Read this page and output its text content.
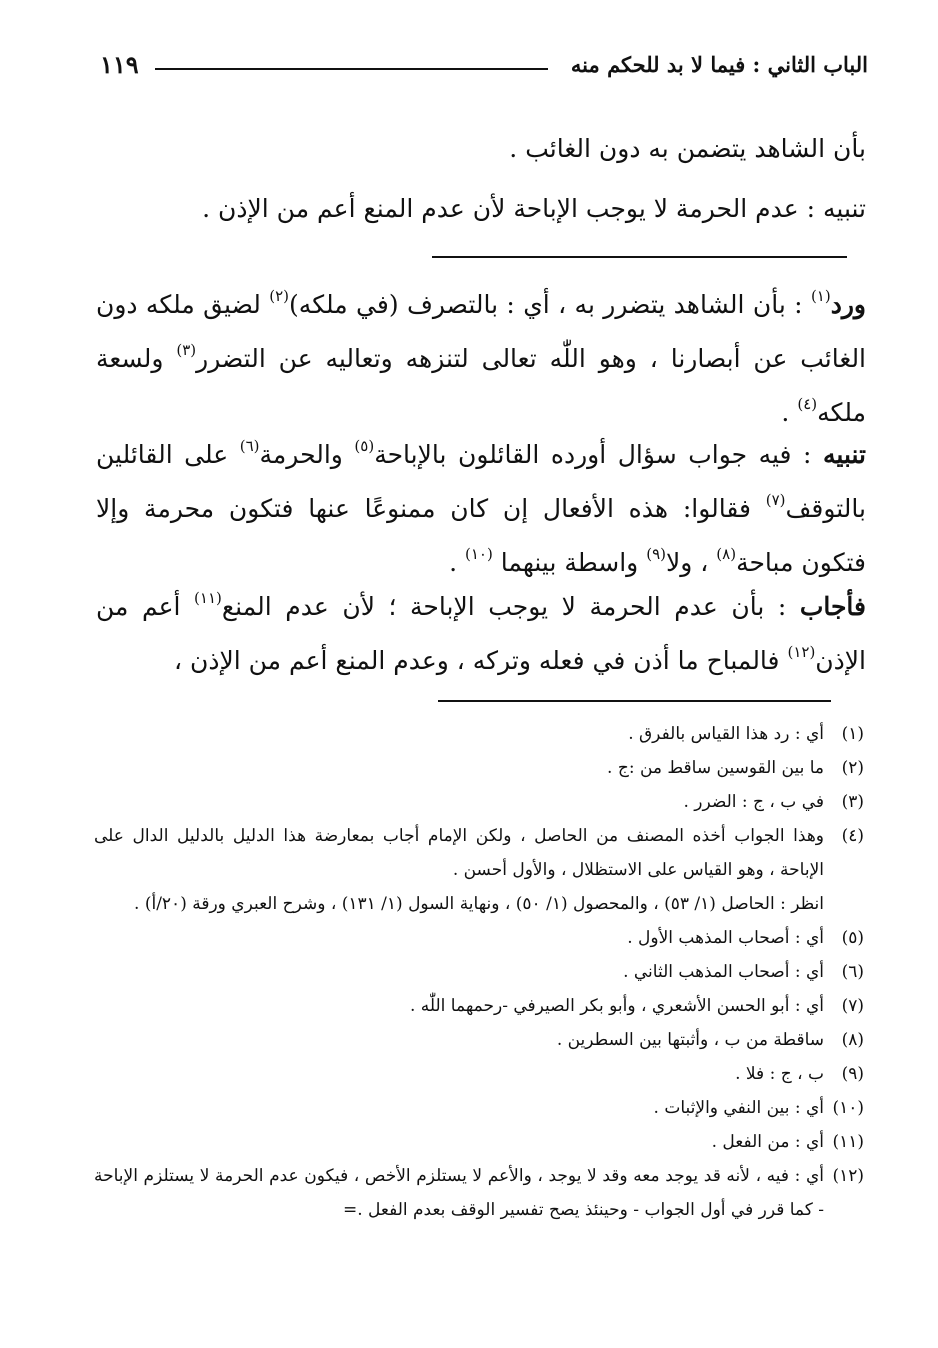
الباب الثاني : فيما لا بد للحكم منه
١١٩

بأن الشاهد يتضمن به دون الغائب .

تنبيه : عدم الحرمة لا يوجب الإباحة لأن عدم المنع أعم من الإذن .

ورد$^{(١)}$ : بأن الشاهد يتضرر به ، أي : بالتصرف (في ملكه)$^{(٢)}$ لضيق ملكه دون الغائب عن أبصارنا ، وهو اللّٰه تعالى لتنزهه وتعاليه عن التضرر$^{(٣)}$ ولسعة ملكه$^{(٤)}$ .

تنبيه : فيه جواب سؤال أورده القائلون بالإباحة$^{(٥)}$ والحرمة$^{(٦)}$ على القائلين بالتوقف$^{(٧)}$ فقالوا: هذه الأفعال إن كان ممنوعًا عنها فتكون محرمة وإلا فتكون مباحة$^{(٨)}$ ، ولا$^{(٩)}$ واسطة بينهما $^{(١٠)}$ .

فأجاب : بأن عدم الحرمة لا يوجب الإباحة ؛ لأن عدم المنع$^{(١١)}$ أعم من الإذن$^{(١٢)}$ فالمباح ما أذن في فعله وتركه ، وعدم المنع أعم من الإذن ،

(١)
أي : رد هذا القياس بالفرق .
(٢)
ما بين القوسين ساقط من :ج .
(٣)
في ب ، ج : الضرر .
(٤)
وهذا الجواب أخذه المصنف من الحاصل ، ولكن الإمام أجاب بمعارضة هذا الدليل بالدليل الدال على الإباحة ، وهو القياس على الاستظلال ، والأول أحسن .

انظر : الحاصل (١/ ٥٣) ، والمحصول (١/ ٥٠) ، ونهاية السول (١/ ١٣١) ، وشرح العبري ورقة (٢٠/أ) .

(٥)
أي : أصحاب المذهب الأول .
(٦)
أي : أصحاب المذهب الثاني .
(٧)
أي : أبو الحسن الأشعري ، وأبو بكر الصيرفي -رحمهما اللّٰه .
(٨)
ساقطة من ب ، وأثبتها بين السطرين .
(٩)
ب ، ج : فلا .
(١٠)
أي : بين النفي والإثبات .
(١١)
أي : من الفعل .
(١٢)
أي : فيه ، لأنه قد يوجد معه وقد لا يوجد ، والأعم لا يستلزم الأخص ، فيكون عدم الحرمة لا يستلزم الإباحة - كما قرر في أول الجواب - وحينئذ يصح تفسير الوقف بعدم الفعل .=
